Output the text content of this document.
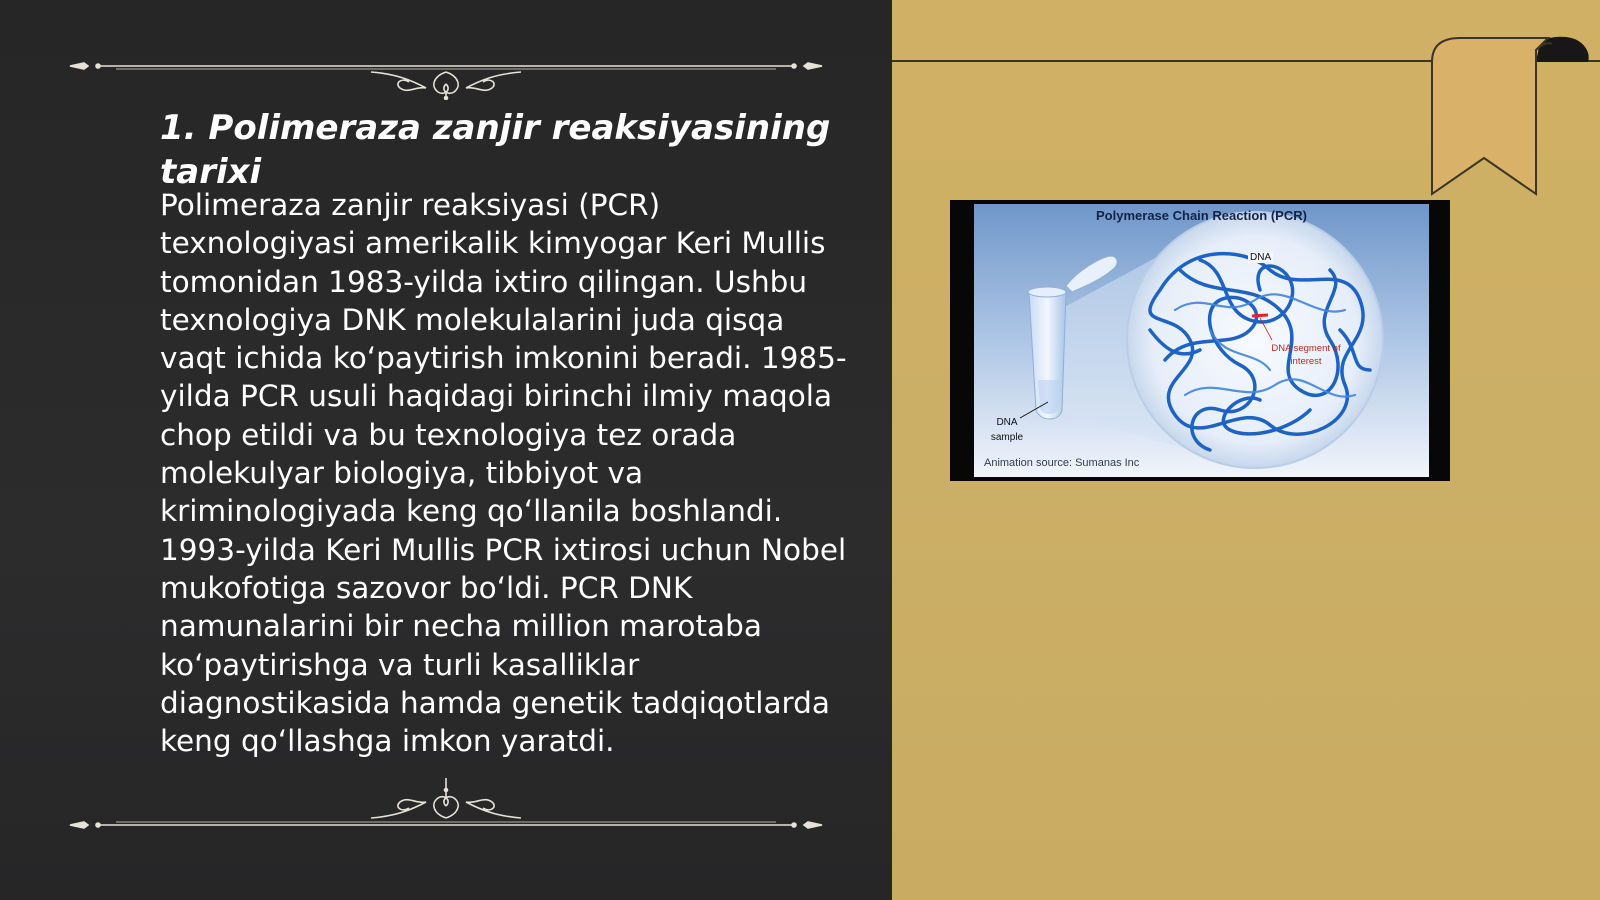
1. Polimeraza zanjir reaksiyasining tarixi

Polimeraza zanjir reaksiyasi (PCR) texnologiyasi amerikalik kimyogar Keri Mullis tomonidan 1983-yilda ixtiro qilingan. Ushbu texnologiya DNK molekulalarini juda qisqa vaqt ichida koʻpaytirish imkonini beradi. 1985-yilda PCR usuli haqidagi birinchi ilmiy maqola chop etildi va bu texnologiya tez orada molekulyar biologiya, tibbiyot va kriminologiyada keng qoʻllanila boshlandi. 1993-yilda Keri Mullis PCR ixtirosi uchun Nobel mukofotiga sazovor boʻldi. PCR DNK namunalarini bir necha million marotaba koʻpaytirishga va turli kasalliklar diagnostikasida hamda genetik tadqiqotlarda keng qoʻllashga imkon yaratdi.

Polymerase Chain Reaction (PCR)
DNA
DNA segment of interest
DNA sample
Animation source: Sumanas Inc
